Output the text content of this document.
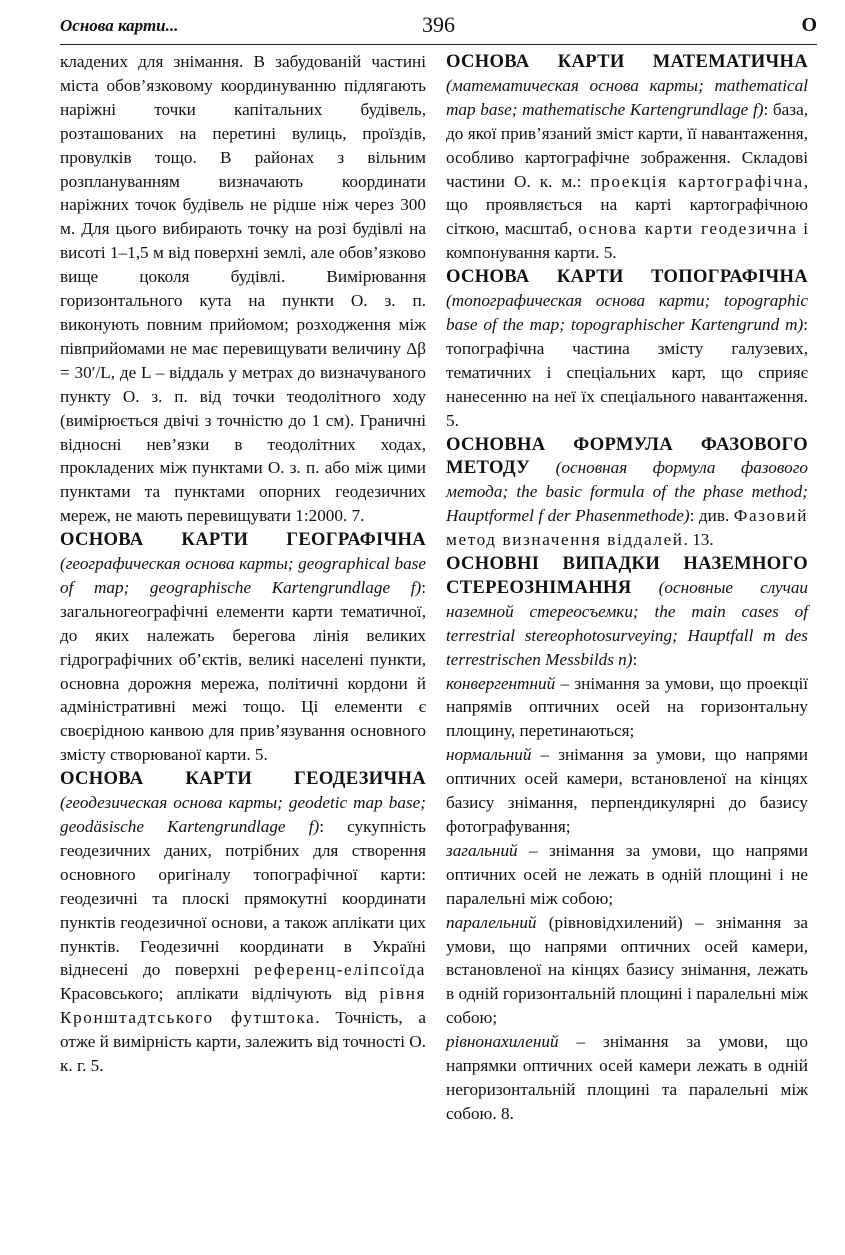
Основа карти...	396	О

кладених для знімання. В забудованій частині міста обов’язковому координуванню підлягають наріжні точки капітальних будівель, розташованих на перетині вулиць, проїздів, провулків тощо. В районах з вільним розплануванням визначають координати наріжних точок будівель не рідше ніж через 300 м. Для цього вибирають точку на розі будівлі на висоті 1–1,5 м від поверхні землі, але обов’язково вище цоколя будівлі. Вимірювання горизонтального кута на пункти О. з. п. виконують повним прийомом; розходження між півприйомами не має перевищувати величину Δβ = 30′/L, де L – віддаль у метрах до визначуваного пункту О. з. п. від точки теодолітного ходу (вимірюється двічі з точністю до 1 см). Граничні відносні нев’язки в теодолітних ходах, прокладених між пунктами О. з. п. або між цими пунктами та пунктами опорних геодезичних мереж, не мають перевищувати 1:2000. 7.

ОСНОВА КАРТИ ГЕОГРАФІЧНА (географическая основа карты; geographical base of map; geographische Kartengrundlage f): загальногеографічні елементи карти тематичної, до яких належать берегова лінія великих гідрографічних об’єктів, великі населені пункти, основна дорожня мережа, політичні кордони й адміністративні межі тощо. Ці елементи є своєрідною канвою для прив’язування основного змісту створюваної карти. 5.

ОСНОВА КАРТИ ГЕОДЕЗИЧНА (геодезическая основа карты; geodetic map base; geodäsische Kartengrundlage f): сукупність геодезичних даних, потрібних для створення основного оригіналу топографічної карти: геодезичні та плоскі прямокутні координати пунктів геодезичної основи, а також аплікати цих пунктів. Геодезичні координати в Україні віднесені до поверхні референц-еліпсоїда Красовського; аплікати відлічують від рівня Кронштадтського футштока. Точність, а отже й вимірність карти, залежить від точності О. к. г. 5.

ОСНОВА КАРТИ МАТЕМАТИЧНА (математическая основа карты; mathematical map base; mathematische Kartengrundlage f): база, до якої прив’язаний зміст карти, її навантаження, особливо картографічне зображення. Складові частини О. к. м.: проекція картографічна, що проявляється на карті картографічною сіткою, масштаб, основа карти геодезична і компонування карти. 5.

ОСНОВА КАРТИ ТОПОГРАФІЧНА (топографическая основа карти; topographic base of the map; topographischer Kartengrund m): топографічна частина змісту галузевих, тематичних і спеціальних карт, що сприяє нанесенню на неї їх спеціального навантаження. 5.

ОСНОВНА ФОРМУЛА ФАЗОВОГО МЕТОДУ (основная формула фазового метода; the basic formula of the phase method; Hauptformel f der Phasenmethode): див. Фазовий метод визначення віддалей. 13.

ОСНОВНІ ВИПАДКИ НАЗЕМНОГО СТЕРЕОЗНІМАННЯ (основные случаи наземной стереосъемки; the main cases of terrestrial stereophotosurveying; Hauptfall m des terrestrischen Messbilds n):

конвергентний – знімання за умови, що проекції напрямів оптичних осей на горизонтальну площину, перетинаються;

нормальний – знімання за умови, що напрями оптичних осей камери, встановленої на кінцях базису знімання, перпендикулярні до базису фотографування;

загальний – знімання за умови, що напрями оптичних осей не лежать в одній площині і не паралельні між собою;

паралельний (рівновідхилений) – знімання за умови, що напрями оптичних осей камери, встановленої на кінцях базису знімання, лежать в одній горизонтальній площині і паралельні між собою;

рівнонахилений – знімання за умови, що напрямки оптичних осей камери лежать в одній негоризонтальній площині та паралельні між собою. 8.
